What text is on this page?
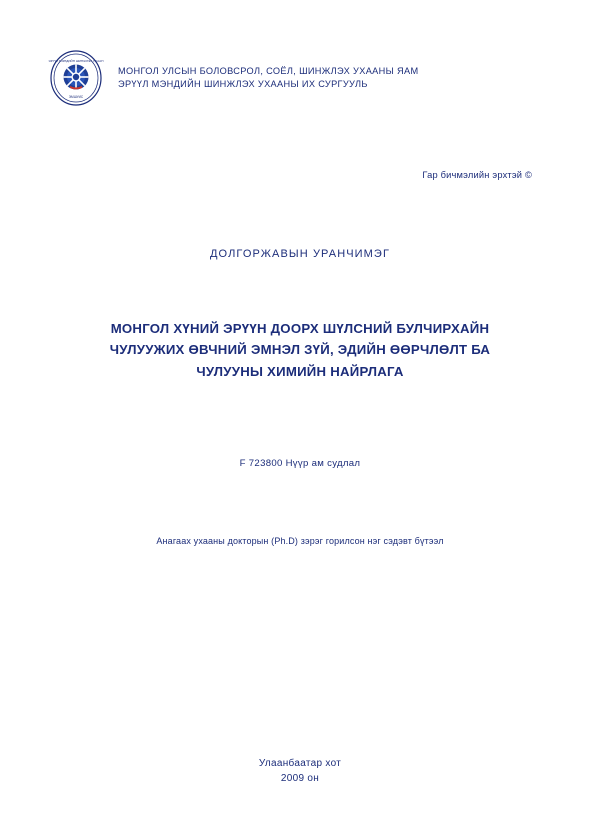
ЭРҮҮЛ МЭНДИЙН ШИНЖЛЭХ УХААН
ЭМШУИС
МОНГОЛ УЛСЫН БОЛОВСРОЛ, СОЁЛ, ШИНЖЛЭХ УХААНЫ ЯАМ
ЭРҮҮЛ МЭНДИЙН ШИНЖЛЭХ УХААНЫ ИХ СУРГУУЛЬ
Гар бичмэлийн эрхтэй ©
ДОЛГОРЖАВЫН УРАНЧИМЭГ
МОНГОЛ ХҮНИЙ ЭРҮҮН ДООРХ ШҮЛСНИЙ БУЛЧИРХАЙН
ЧУЛУУЖИХ ӨВЧНИЙ ЭМНЭЛ ЗҮЙ, ЭДИЙН ӨӨРЧЛӨЛТ БА
ЧУЛУУНЫ ХИМИЙН НАЙРЛАГА
F 723800 Нүүр ам судлал
Анагаах ухааны докторын (Ph.D) зэрэг горилсон нэг сэдэвт бүтээл
Улаанбаатар хот
2009 он
